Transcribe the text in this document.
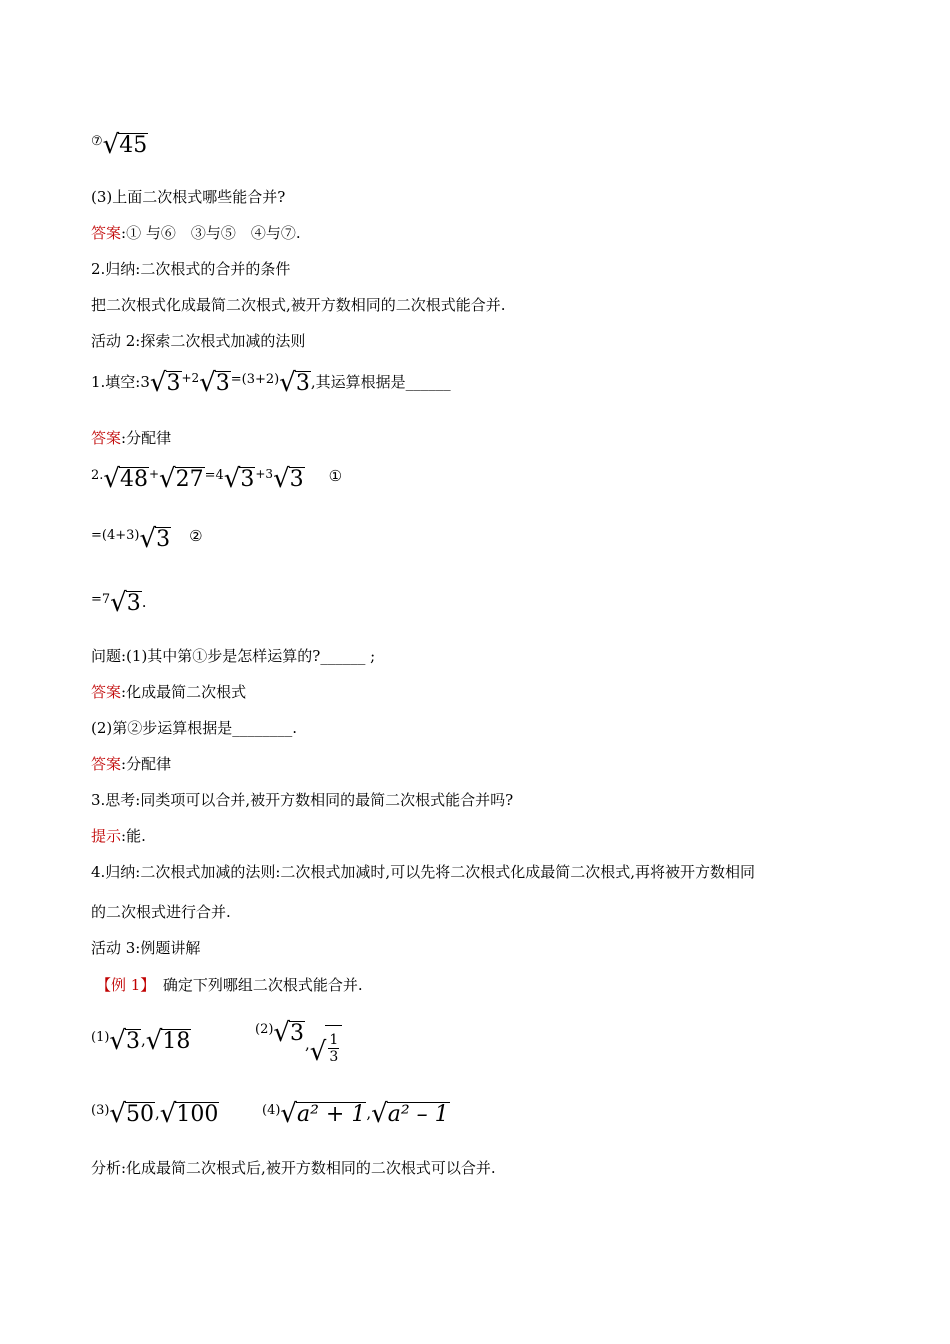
⑦ √ 45
(3)上面二次根式哪些能合并?
答案:① 与⑥　③与⑤　④与⑦.
2.归纳:二次根式的合并的条件
把二次根式化成最简二次根式,被开方数相同的二次根式能合并.
活动 2:探索二次根式加减的法则
1.填空:3 √ 3 $^{+2}$ √ 3 =(3+2) √ 3 ,其运算根据是______
答案:分配律
2. √ 48 + √ 27 =4 √ 3 $^{+3}$ √ 3 ①
=(4+3) √ 3 ②
=7 √ 3 .
问题:(1)其中第①步是怎样运算的?______ ;
答案:化成最简二次根式
(2)第②步运算根据是________.
答案:分配律
3.思考:同类项可以合并,被开方数相同的最简二次根式能合并吗?
提示:能.
4.归纳:二次根式加减的法则:二次根式加减时,可以先将二次根式化成最简二次根式,再将被开方数相同
的二次根式进行合并.
活动 3:例题讲解
【例 1】　确定下列哪组二次根式能合并.
(1) √ 3 , √ 18	(2) √ 3 , √ $\frac{1}{3}$
(3) √ 50 , √ 100	(4) √ a² + 1 , √ a² – 1
分析:化成最简二次根式后,被开方数相同的二次根式可以合并.
